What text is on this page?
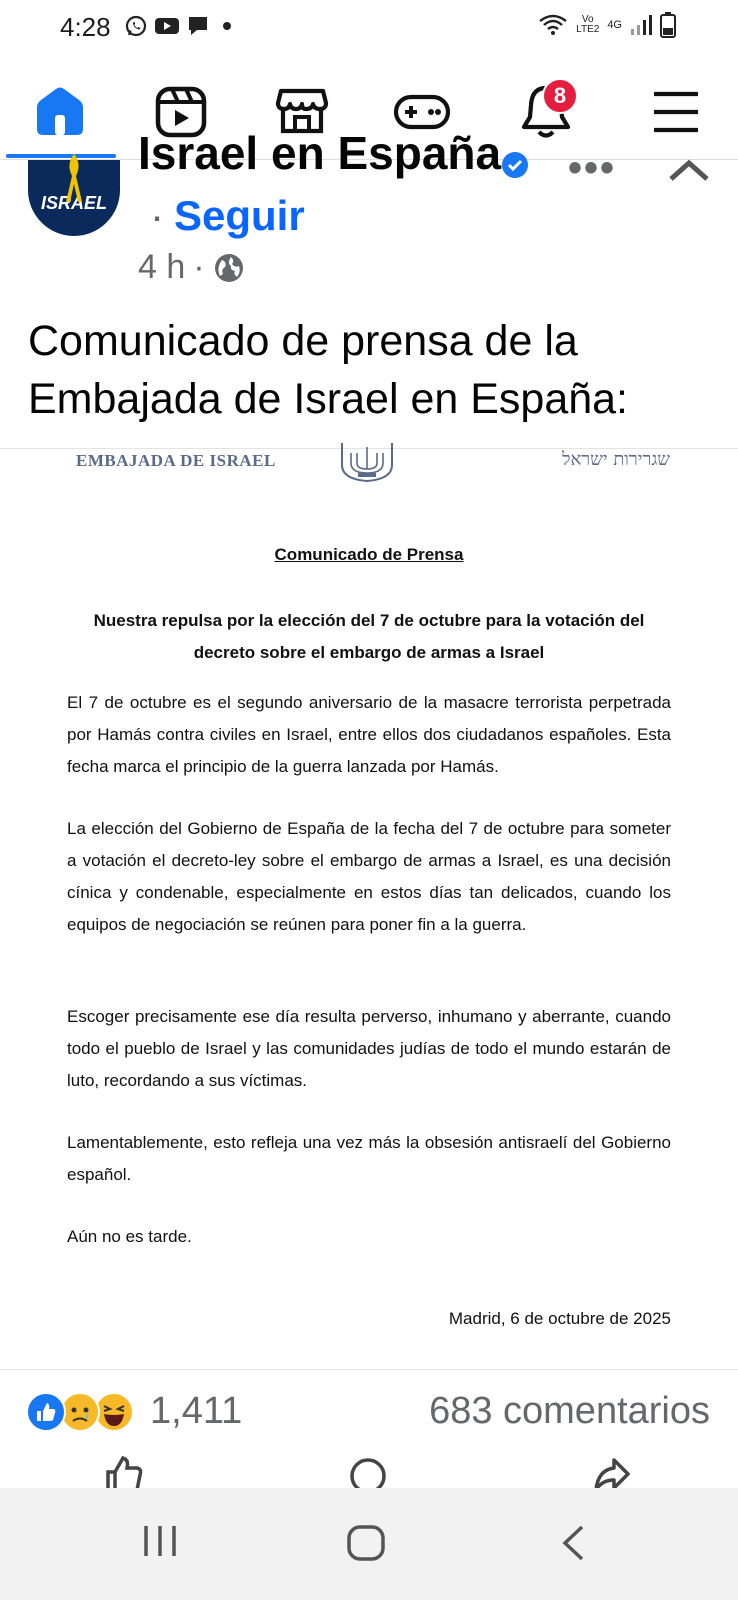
4:28	Vo
LTE2 4G
8
ISRAEL
Israel en España •••
· Seguir
4 h ·
Comunicado de prensa de la Embajada de Israel en España:
EMBAJADA DE ISRAEL	שגרירות ישראל
Comunicado de Prensa
Nuestra repulsa por la elección del 7 de octubre para la votación del decreto sobre el embargo de armas a Israel

El 7 de octubre es el segundo aniversario de la masacre terrorista perpetrada por Hamás contra civiles en Israel, entre ellos dos ciudadanos españoles. Esta fecha marca el principio de la guerra lanzada por Hamás.

La elección del Gobierno de España de la fecha del 7 de octubre para someter a votación el decreto-ley sobre el embargo de armas a Israel, es una decisión cínica y condenable, especialmente en estos días tan delicados, cuando los equipos de negociación se reúnen para poner fin a la guerra.

Escoger precisamente ese día resulta perverso, inhumano y aberrante, cuando todo el pueblo de Israel y las comunidades judías de todo el mundo estarán de luto, recordando a sus víctimas.

Lamentablemente, esto refleja una vez más la obsesión antisraelí del Gobierno español.

Aún no es tarde.

Madrid, 6 de octubre de 2025
1,411	683 comentarios
